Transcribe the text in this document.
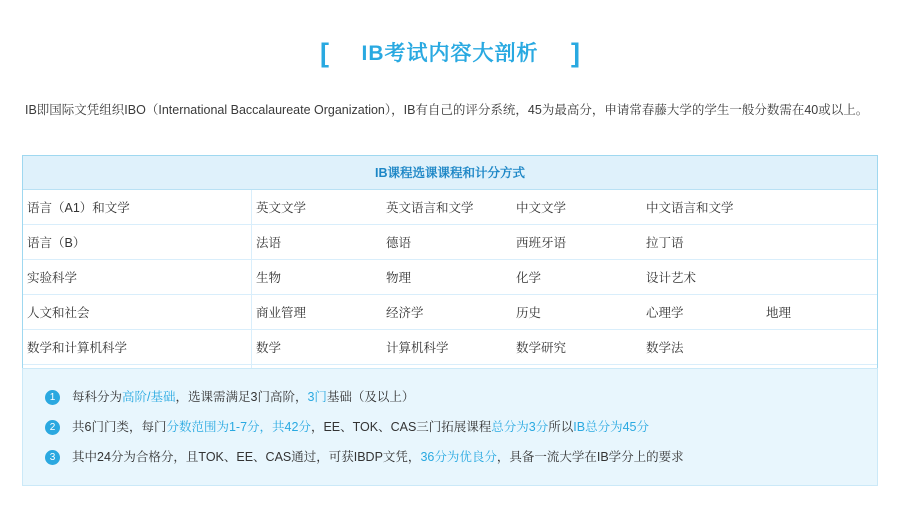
[ IB考试内容大剖析 ]
IB即国际文凭组织IBO（International Baccalaureate Organization），IB有自己的评分系统，45为最高分，申请常春藤大学的学生一般分数需在40或以上。
IB课程选课课程和计分方式
语言（A1）和文学	英文文学 英文语言和文学 中文文学 中文语言和文学

语言（B）	法语 德语 西班牙语 拉丁语

实验科学	生物 物理 化学 设计艺术

人文和社会	商业管理 经济学 历史 心理学 地理

数学和计算机科学	数学 计算机科学 数学研究 数学法

1	每科分为高阶/基础，选课需满足3门高阶，3门基础（及以上）
2	共6门门类，每门分数范围为1-7分，共42分，EE、TOK、CAS三门拓展课程总分为3分所以IB总分为45分
3	其中24分为合格分，且TOK、EE、CAS通过，可获IBDP文凭，36分为优良分，具备一流大学在IB学分上的要求
